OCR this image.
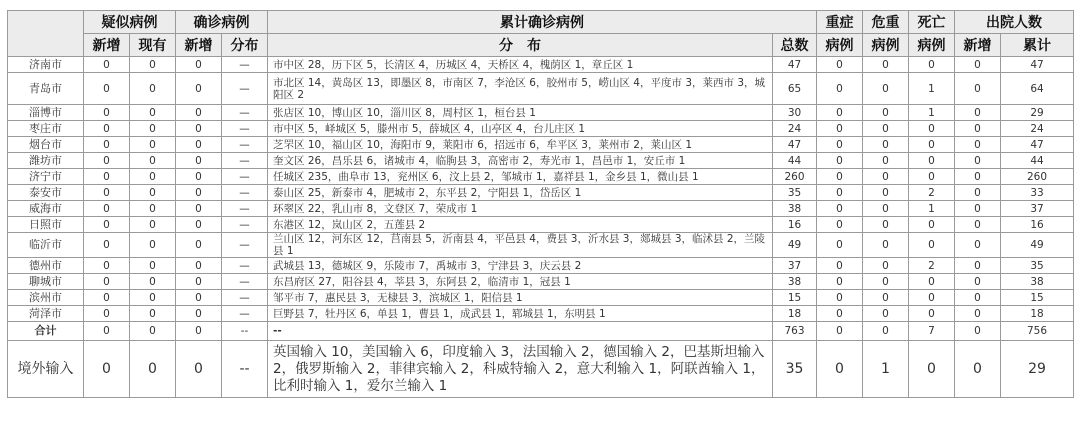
	疑似病例		确诊病例		累计确诊病例		重症	危重	死亡	出院人数	
	新增	现有	新增	分布	分　布	总数	病例	病例	病例	新增	累计
济南市	0	0	0	—	市中区 28，历下区 5，长清区 4，历城区 4，天桥区 4，槐荫区 1，章丘区 1	47	0	0	0	0	47
青岛市	0	0	0	—	市北区 14，黄岛区 13，即墨区 8，市南区 7，李沧区 6，胶州市 5，崂山区 4，平度市 3，莱西市 3，城阳区 2	65	0	0	1	0	64
淄博市	0	0	0	—	张店区 10，博山区 10，淄川区 8，周村区 1，桓台县 1	30	0	0	1	0	29
枣庄市	0	0	0	—	市中区 5，峄城区 5，滕州市 5，薛城区 4，山亭区 4，台儿庄区 1	24	0	0	0	0	24
烟台市	0	0	0	—	芝罘区 10，福山区 10，海阳市 9，莱阳市 6，招远市 6，牟平区 3，莱州市 2，莱山区 1	47	0	0	0	0	47
潍坊市	0	0	0	—	奎文区 26，昌乐县 6，诸城市 4，临朐县 3，高密市 2，寿光市 1，昌邑市 1，安丘市 1	44	0	0	0	0	44
济宁市	0	0	0	—	任城区 235，曲阜市 13，兖州区 6，汶上县 2，邹城市 1，嘉祥县 1，金乡县 1，微山县 1	260	0	0	0	0	260
泰安市	0	0	0	—	泰山区 25，新泰市 4，肥城市 2，东平县 2，宁阳县 1，岱岳区 1	35	0	0	2	0	33
威海市	0	0	0	—	环翠区 22，乳山市 8，文登区 7，荣成市 1	38	0	0	1	0	37
日照市	0	0	0	—	东港区 12，岚山区 2，五莲县 2	16	0	0	0	0	16
临沂市	0	0	0	—	兰山区 12，河东区 12，莒南县 5，沂南县 4，平邑县 4，费县 3，沂水县 3，郯城县 3，临沭县 2，兰陵县 1	49	0	0	0	0	49
德州市	0	0	0	—	武城县 13，德城区 9，乐陵市 7，禹城市 3，宁津县 3，庆云县 2	37	0	0	2	0	35
聊城市	0	0	0	—	东昌府区 27，阳谷县 4，莘县 3，东阿县 2，临清市 1，冠县 1	38	0	0	0	0	38
滨州市	0	0	0	—	邹平市 7，惠民县 3，无棣县 3，滨城区 1，阳信县 1	15	0	0	0	0	15
菏泽市	0	0	0	—	巨野县 7，牡丹区 6，单县 1，曹县 1，成武县 1，郓城县 1，东明县 1	18	0	0	0	0	18
合计	0	0	0	--	--	763	0	0	7	0	756
境外输入	0	0	0	--	英国输入 10，美国输入 6，印度输入 3，法国输入 2，德国输入 2，巴基斯坦输入 2，俄罗斯输入 2，菲律宾输入 2，科威特输入 2，意大利输入 1，阿联酋输入 1，比利时输入 1，爱尔兰输入 1	35	0	1	0	0	29
